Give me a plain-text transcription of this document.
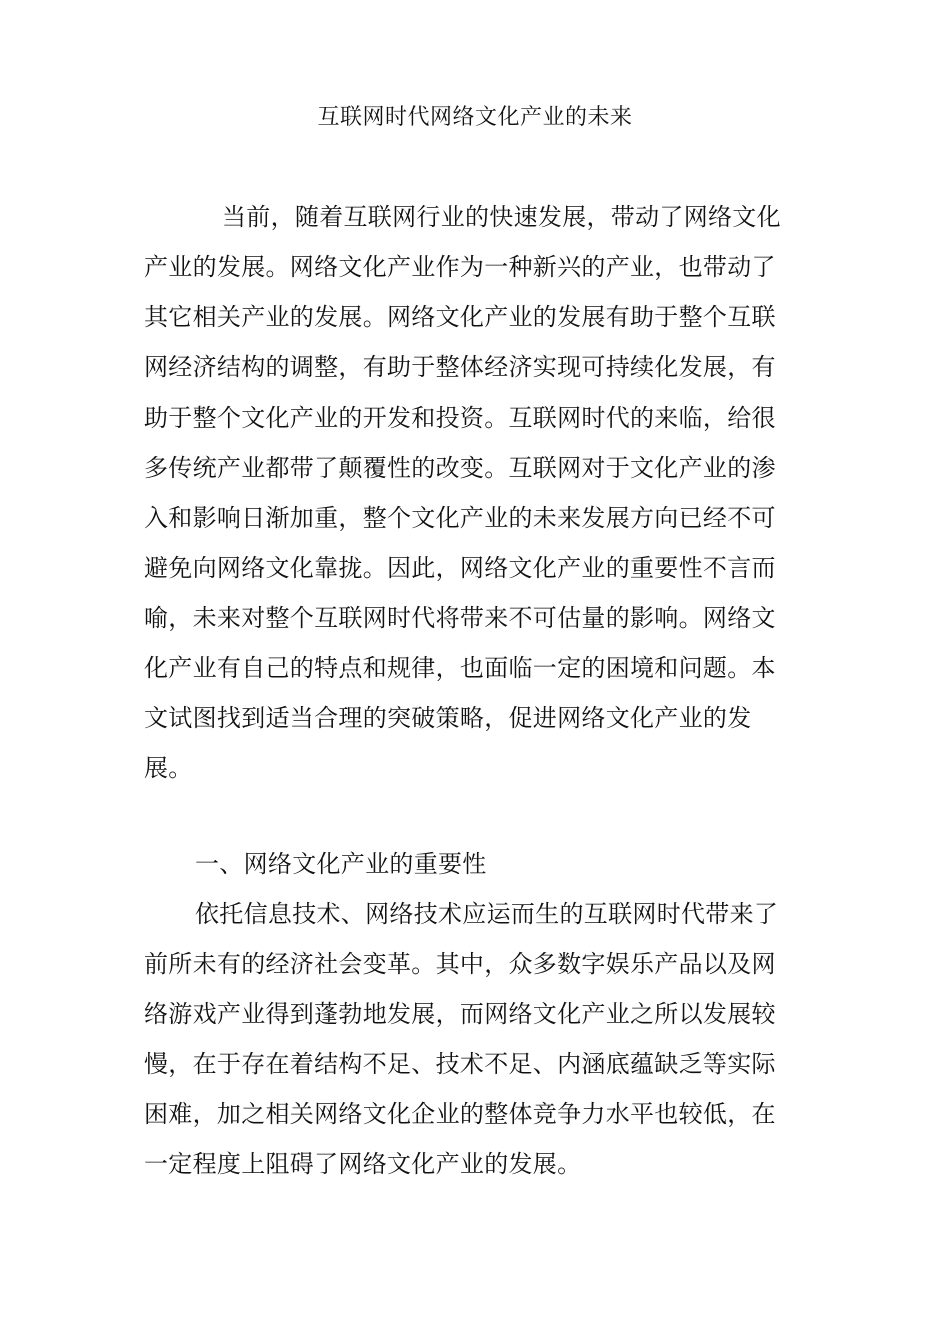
互联网时代网络文化产业的未来
当前，随着互联网行业的快速发展，带动了网络文化
产业的发展。网络文化产业作为一种新兴的产业，也带动了
其它相关产业的发展。网络文化产业的发展有助于整个互联
网经济结构的调整，有助于整体经济实现可持续化发展，有
助于整个文化产业的开发和投资。互联网时代的来临，给很
多传统产业都带了颠覆性的改变。互联网对于文化产业的渗
入和影响日渐加重，整个文化产业的未来发展方向已经不可
避免向网络文化靠拢。因此，网络文化产业的重要性不言而
喻，未来对整个互联网时代将带来不可估量的影响。网络文
化产业有自己的特点和规律，也面临一定的困境和问题。本
文试图找到适当合理的突破策略，促进网络文化产业的发
展。
一、网络文化产业的重要性
依托信息技术、网络技术应运而生的互联网时代带来了
前所未有的经济社会变革。其中，众多数字娱乐产品以及网
络游戏产业得到蓬勃地发展，而网络文化产业之所以发展较
慢，在于存在着结构不足、技术不足、内涵底蕴缺乏等实际
困难，加之相关网络文化企业的整体竞争力水平也较低，在
一定程度上阻碍了网络文化产业的发展。
